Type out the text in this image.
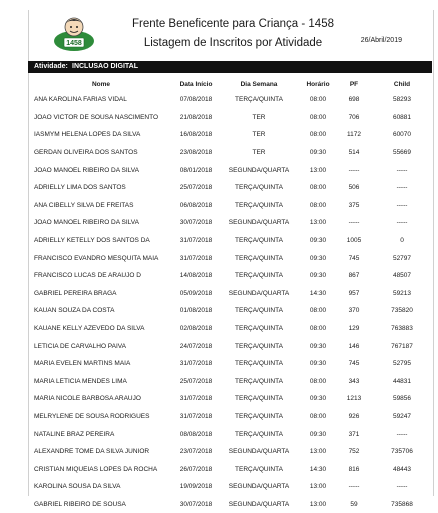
1458
Frente Beneficente para Criança - 1458
Listagem de Inscritos por Atividade	26/Abril/2019
Atividade: INCLUSAO DIGITAL
Nome	Data Início	Dia Semana	Horário	PF	Child
ANA KAROLINA FARIAS VIDAL	07/08/2018	TERÇA/QUINTA	08:00	698	58293
JOAO VICTOR DE SOUSA NASCIMENTO	21/08/2018	TER	08:00	706	60881
IASMYM HELENA LOPES DA SILVA	16/08/2018	TER	08:00	1172	60070
GERDAN OLIVEIRA DOS SANTOS	23/08/2018	TER	09:30	514	55669
JOAO MANOEL RIBEIRO DA SILVA	08/01/2018	SEGUNDA/QUARTA	13:00	-----	-----
ADRIELLY LIMA DOS SANTOS	25/07/2018	TERÇA/QUINTA	08:00	506	-----
ANA CIBELLY SILVA DE FREITAS	06/08/2018	TERÇA/QUINTA	08:00	375	-----
JOAO MANOEL RIBEIRO DA SILVA	30/07/2018	SEGUNDA/QUARTA	13:00	-----	-----
ADRIELLY KETELLY DOS SANTOS DA	31/07/2018	TERÇA/QUINTA	09:30	1005	0
FRANCISCO EVANDRO MESQUITA MAIA	31/07/2018	TERÇA/QUINTA	09:30	745	52797
FRANCISCO LUCAS DE ARAUJO D	14/08/2018	TERÇA/QUINTA	09:30	867	48507
GABRIEL PEREIRA BRAGA	05/09/2018	SEGUNDA/QUARTA	14:30	957	59213
KAUAN SOUZA DA COSTA	01/08/2018	TERÇA/QUINTA	08:00	370	735820
KAUANE KELLY AZEVEDO DA SILVA	02/08/2018	TERÇA/QUINTA	08:00	129	763883
LETICIA DE CARVALHO PAIVA	24/07/2018	TERÇA/QUINTA	09:30	146	767187
MARIA EVELEN MARTINS MAIA	31/07/2018	TERÇA/QUINTA	09:30	745	52795
MARIA LETICIA MENDES LIMA	25/07/2018	TERÇA/QUINTA	08:00	343	44831
MARIA NICOLE BARBOSA ARAUJO	31/07/2018	TERÇA/QUINTA	09:30	1213	59856
MELRYLENE DE SOUSA RODRIGUES	31/07/2018	TERÇA/QUINTA	08:00	926	59247
NATALINE BRAZ PEREIRA	08/08/2018	TERÇA/QUINTA	09:30	371	-----
ALEXANDRE TOME DA SILVA JUNIOR	23/07/2018	SEGUNDA/QUARTA	13:00	752	735706
CRISTIAN MIQUEIAS LOPES DA ROCHA	26/07/2018	TERÇA/QUINTA	14:30	816	48443
KAROLINA SOUSA DA SILVA	19/09/2018	SEGUNDA/QUARTA	13:00	-----	-----
GABRIEL RIBEIRO DE SOUSA	30/07/2018	SEGUNDA/QUARTA	13:00	59	735868
